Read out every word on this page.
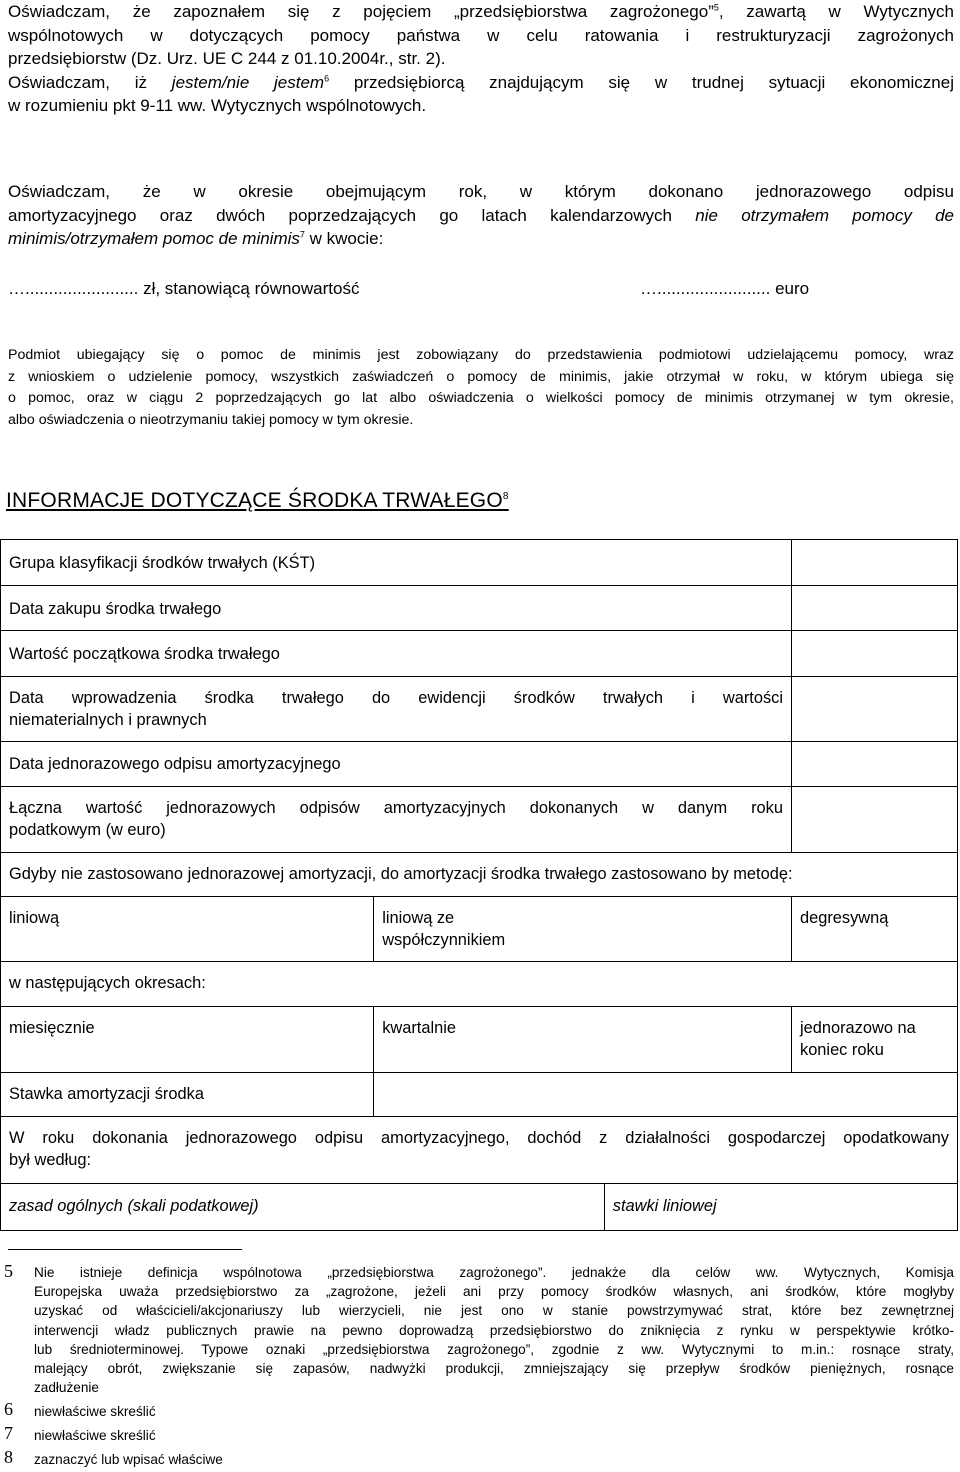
Oświadczam, że zapoznałem się z pojęciem „przedsiębiorstwa zagrożonego”$^5$, zawartą w Wytycznych
wspólnotowych w dotyczących pomocy państwa w celu ratowania i restrukturyzacji zagrożonych
przedsiębiorstw (Dz. Urz. UE C 244 z 01.10.2004r., str. 2).
Oświadczam, iż jestem/nie jestem$^6$ przedsiębiorcą znajdującym się w trudnej sytuacji ekonomicznej
w rozumieniu pkt 9-11 ww. Wytycznych wspólnotowych.
Oświadczam, że w okresie obejmującym rok, w którym dokonano jednorazowego odpisu
amortyzacyjnego oraz dwóch poprzedzających go latach kalendarzowych nie otrzymałem pomocy de
minimis/otrzymałem pomoc de minimis$^7$ w kwocie:
…........................ zł, stanowiącą równowartość	…........................ euro
Podmiot ubiegający się o pomoc de minimis jest zobowiązany do przedstawienia podmiotowi udzielającemu pomocy, wraz
z wnioskiem o udzielenie pomocy, wszystkich zaświadczeń o pomocy de minimis, jakie otrzymał w roku, w którym ubiega się
o pomoc, oraz w ciągu 2 poprzedzających go lat albo oświadczenia o wielkości pomocy de minimis otrzymanej w tym okresie,
albo oświadczenia o nieotrzymaniu takiej pomocy w tym okresie.
INFORMACJE DOTYCZĄCE ŚRODKA TRWAŁEGO$^8$
Grupa klasyfikacji środków trwałych (KŚT)			
Data zakupu środka trwałego			
Wartość początkowa środka trwałego			

Data wprowadzenia środka trwałego do ewidencji środków trwałych i wartości
niematerialnych i prawnych			

Data jednorazowego odpisu amortyzacyjnego			

Łączna wartość jednorazowych odpisów amortyzacyjnych dokonanych w danym roku
podatkowym (w euro)			

Gdyby nie zastosowano jednorazowej amortyzacji, do amortyzacji środka trwałego zastosowano by metodę:			
liniową	liniową ze
współczynnikiem		degresywną
w następujących okresach:			
miesięcznie	kwartalnie		jednorazowo na
koniec roku

Stawka amortyzacji środka			

W roku dokonania jednorazowego odpisu amortyzacyjnego, dochód z działalności gospodarczej opodatkowany
był według:			

zasad ogólnych (skali podatkowej)		stawki liniowej	
5 Nie istnieje definicja wspólnotowa „przedsiębiorstwa zagrożonego”. jednakże dla celów ww. Wytycznych, Komisja
Europejska uważa przedsiębiorstwo za „zagrożone, jeżeli ani przy pomocy środków własnych, ani środków, które mogłyby
uzyskać od właścicieli/akcjonariuszy lub wierzycieli, nie jest ono w stanie powstrzymywać strat, które bez zewnętrznej
interwencji władz publicznych prawie na pewno doprowadzą przedsiębiorstwo do zniknięcia z rynku w perspektywie krótko-
lub średnioterminowej. Typowe oznaki „przedsiębiorstwa zagrożonego”, zgodnie z ww. Wytycznymi to m.in.: rosnące straty,
malejący obrót, zwiększanie się zapasów, nadwyżki produkcji, zmniejszający się przepływ środków pieniężnych, rosnące
zadłużenie
6 niewłaściwe skreślić
7 niewłaściwe skreślić
8 zaznaczyć lub wpisać właściwe
